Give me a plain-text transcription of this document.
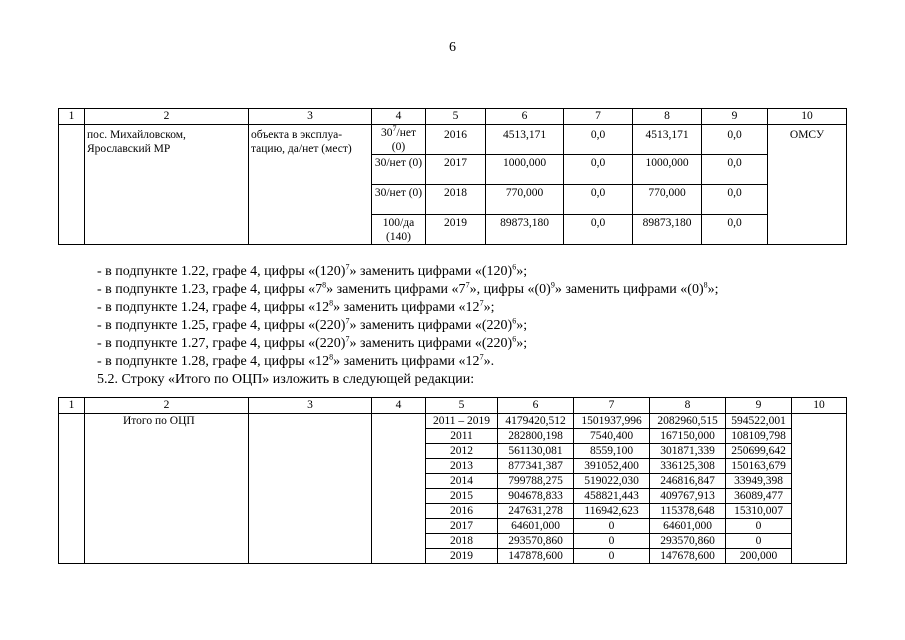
6
1	2	3	4	5	6	7	8	9	10
	пос. Михайловском, Ярославский МР	объекта в эксплуа-тацию, да/нет (мест)	$30^7$/нет (0)	2016	4513,171	0,0	4513,171	0,0	ОМСУ
			30/нет (0)	2017	1000,000	0,0	1000,000	0,0	
			30/нет (0)	2018	770,000	0,0	770,000	0,0	
			100/да (140)	2019	89873,180	0,0	89873,180	0,0	

- в подпункте 1.22, графе 4, цифры «$(120)^7$» заменить цифрами «$(120)^6$»;

- в подпункте 1.23, графе 4, цифры «$7^8$» заменить цифрами «$7^7$», цифры «$(0)^9$» заменить цифрами «$(0)^8$»;

- в подпункте 1.24, графе 4, цифры «$12^8$» заменить цифрами «$12^7$»;

- в подпункте 1.25, графе 4, цифры «$(220)^7$» заменить цифрами «$(220)^6$»;

- в подпункте 1.27, графе 4, цифры «$(220)^7$» заменить цифрами «$(220)^6$»;

- в подпункте 1.28, графе 4, цифры «$12^8$» заменить цифрами «$12^7$».

5.2. Строку «Итого по ОЦП» изложить в следующей редакции:

1	2	3	4	5	6	7	8	9	10
	Итого по ОЦП			2011 – 2019	4179420,512	1501937,996	2082960,515	594522,001	
				2011	282800,198	7540,400	167150,000	108109,798	
				2012	561130,081	8559,100	301871,339	250699,642	
				2013	877341,387	391052,400	336125,308	150163,679	
				2014	799788,275	519022,030	246816,847	33949,398	
				2015	904678,833	458821,443	409767,913	36089,477	
				2016	247631,278	116942,623	115378,648	15310,007	
				2017	64601,000	0	64601,000	0	
				2018	293570,860	0	293570,860	0	
				2019	147878,600	0	147678,600	200,000	
